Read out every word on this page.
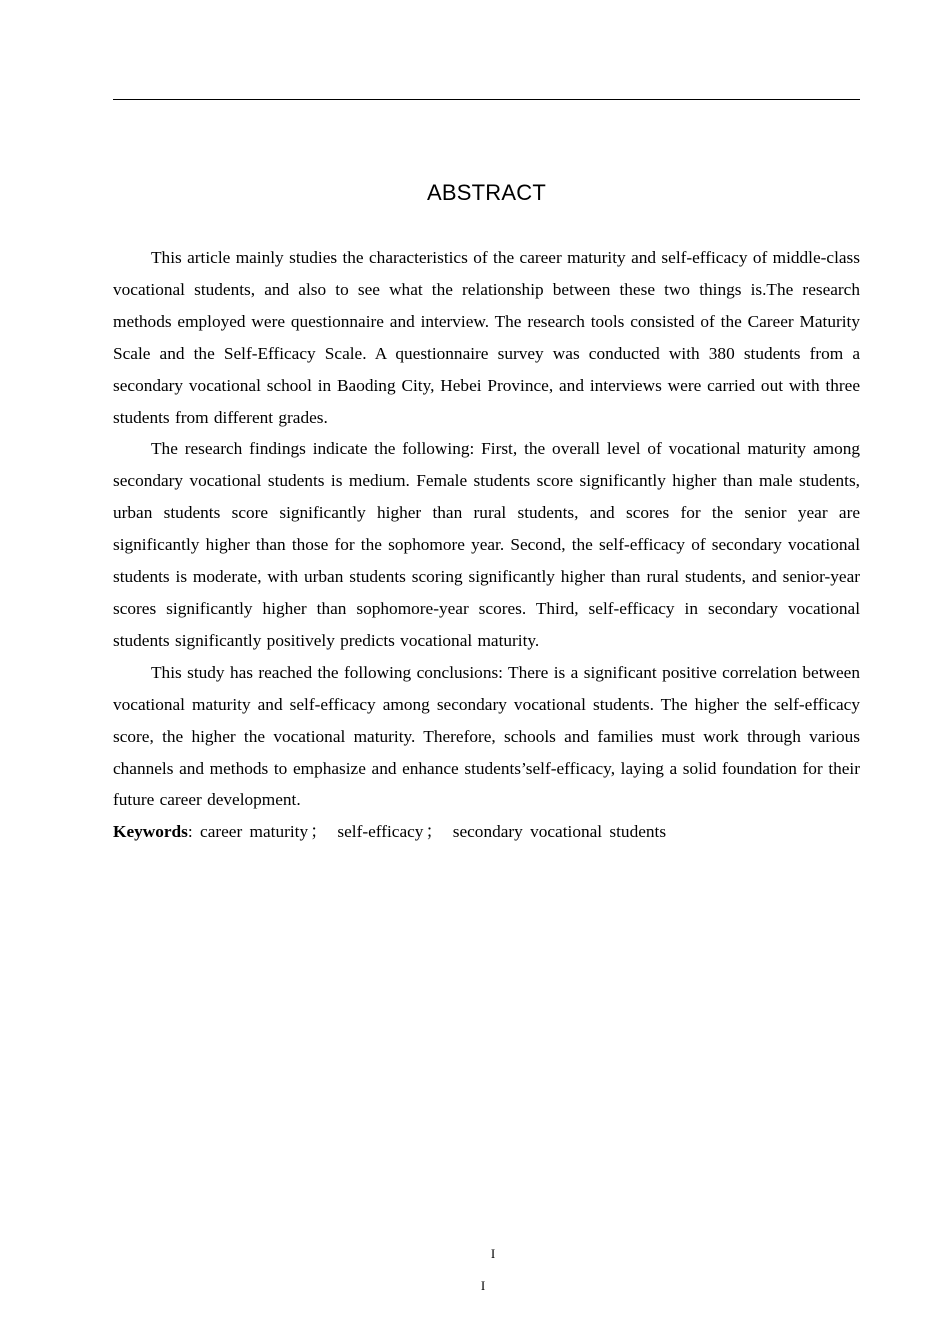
ABSTRACT

This article mainly studies the characteristics of the career maturity and self-efficacy of middle-class vocational students, and also to see what the relationship between these two things is.The research methods employed were questionnaire and interview. The research tools consisted of the Career Maturity Scale and the Self-Efficacy Scale. A questionnaire survey was conducted with 380 students from a secondary vocational school in Baoding City, Hebei Province, and interviews were carried out with three students from different grades.

The research findings indicate the following: First, the overall level of vocational maturity among secondary vocational students is medium. Female students score significantly higher than male students, urban students score significantly higher than rural students, and scores for the senior year are significantly higher than those for the sophomore year. Second, the self-efficacy of secondary vocational students is moderate, with urban students scoring significantly higher than rural students, and senior-year scores significantly higher than sophomore-year scores. Third, self-efficacy in secondary vocational students significantly positively predicts vocational maturity.

This study has reached the following conclusions: There is a significant positive correlation between vocational maturity and self-efficacy among secondary vocational students. The higher the self-efficacy score, the higher the vocational maturity. Therefore, schools and families must work through various channels and methods to emphasize and enhance students’self-efficacy, laying a solid foundation for their future career development.

Keywords: career maturity ； self-efficacy ； secondary vocational students

I
I
